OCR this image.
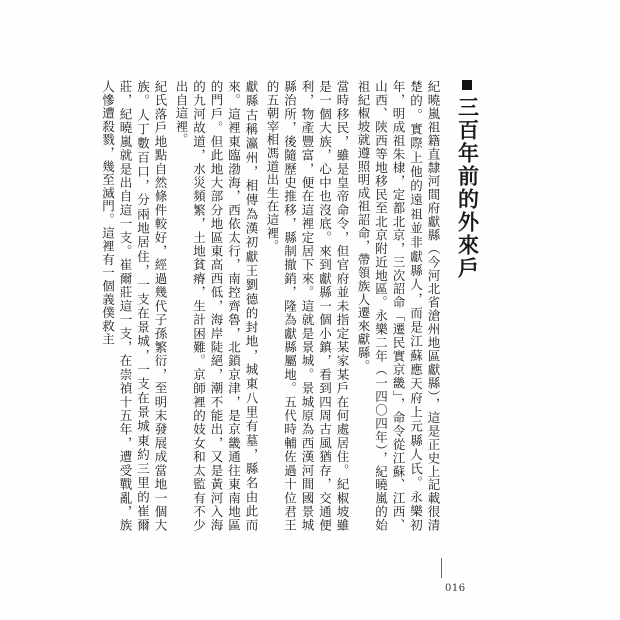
三百年前的外來戶
紀曉嵐祖籍直隸河間府獻縣（今河北省滄州地區獻縣），這是正史上記載很清楚的。實際上他的遠祖並非獻縣人，而是江蘇應天府上元縣人氏。永樂初年，明成祖朱棣，定都北京，三次詔命「遷民實京畿」，命令從江蘇、江西、山西、陝西等地移民至北京附近地區。永樂二年（一四〇四年），紀曉嵐的始祖紀椒坡就遵照明成祖詔命，帶領族人遷來獻縣。
當時移民，雖是皇帝命令，但官府並未指定某家某戶在何處居住。紀椒坡雖是一個大族，心中也沒底。來到獻縣一個小鎮，看到四周古風猶存，交通便利，物產豐富，便在這裡定居下來。這就是景城。景城原為西漢河間國景城縣治所，後隨歷史推移，縣制撤銷，隆為獻縣屬地。五代時輔佐過十位君王的五朝宰相馮道出生在這裡。
獻縣古稱瀛州，相傳為漢初獻王劉德的封地，城東八里有墓，縣名由此而來。這裡東臨渤海，西依太行，南控齊魯，北鎖京津，是京畿通往東南地區的門戶。但此地大部分地區東高西低，海岸陡絕，潮不能出，又是黃河入海的九河故道，水災頻繁，土地貧瘠，生計困難。京師裡的妓女和太監有不少出自這裡。
紀氏落戶地點自然條件較好，經過幾代子孫繁衍，至明末發展成當地一個大族。人丁數百口，分兩地居住，一支在景城，一支在景城東約三里的崔爾莊，紀曉嵐就是出自這一支。崔爾莊這一支，在崇禎十五年，遭受戰亂，族人慘遭殺戮，幾至滅門。這裡有一個義僕救主
016
